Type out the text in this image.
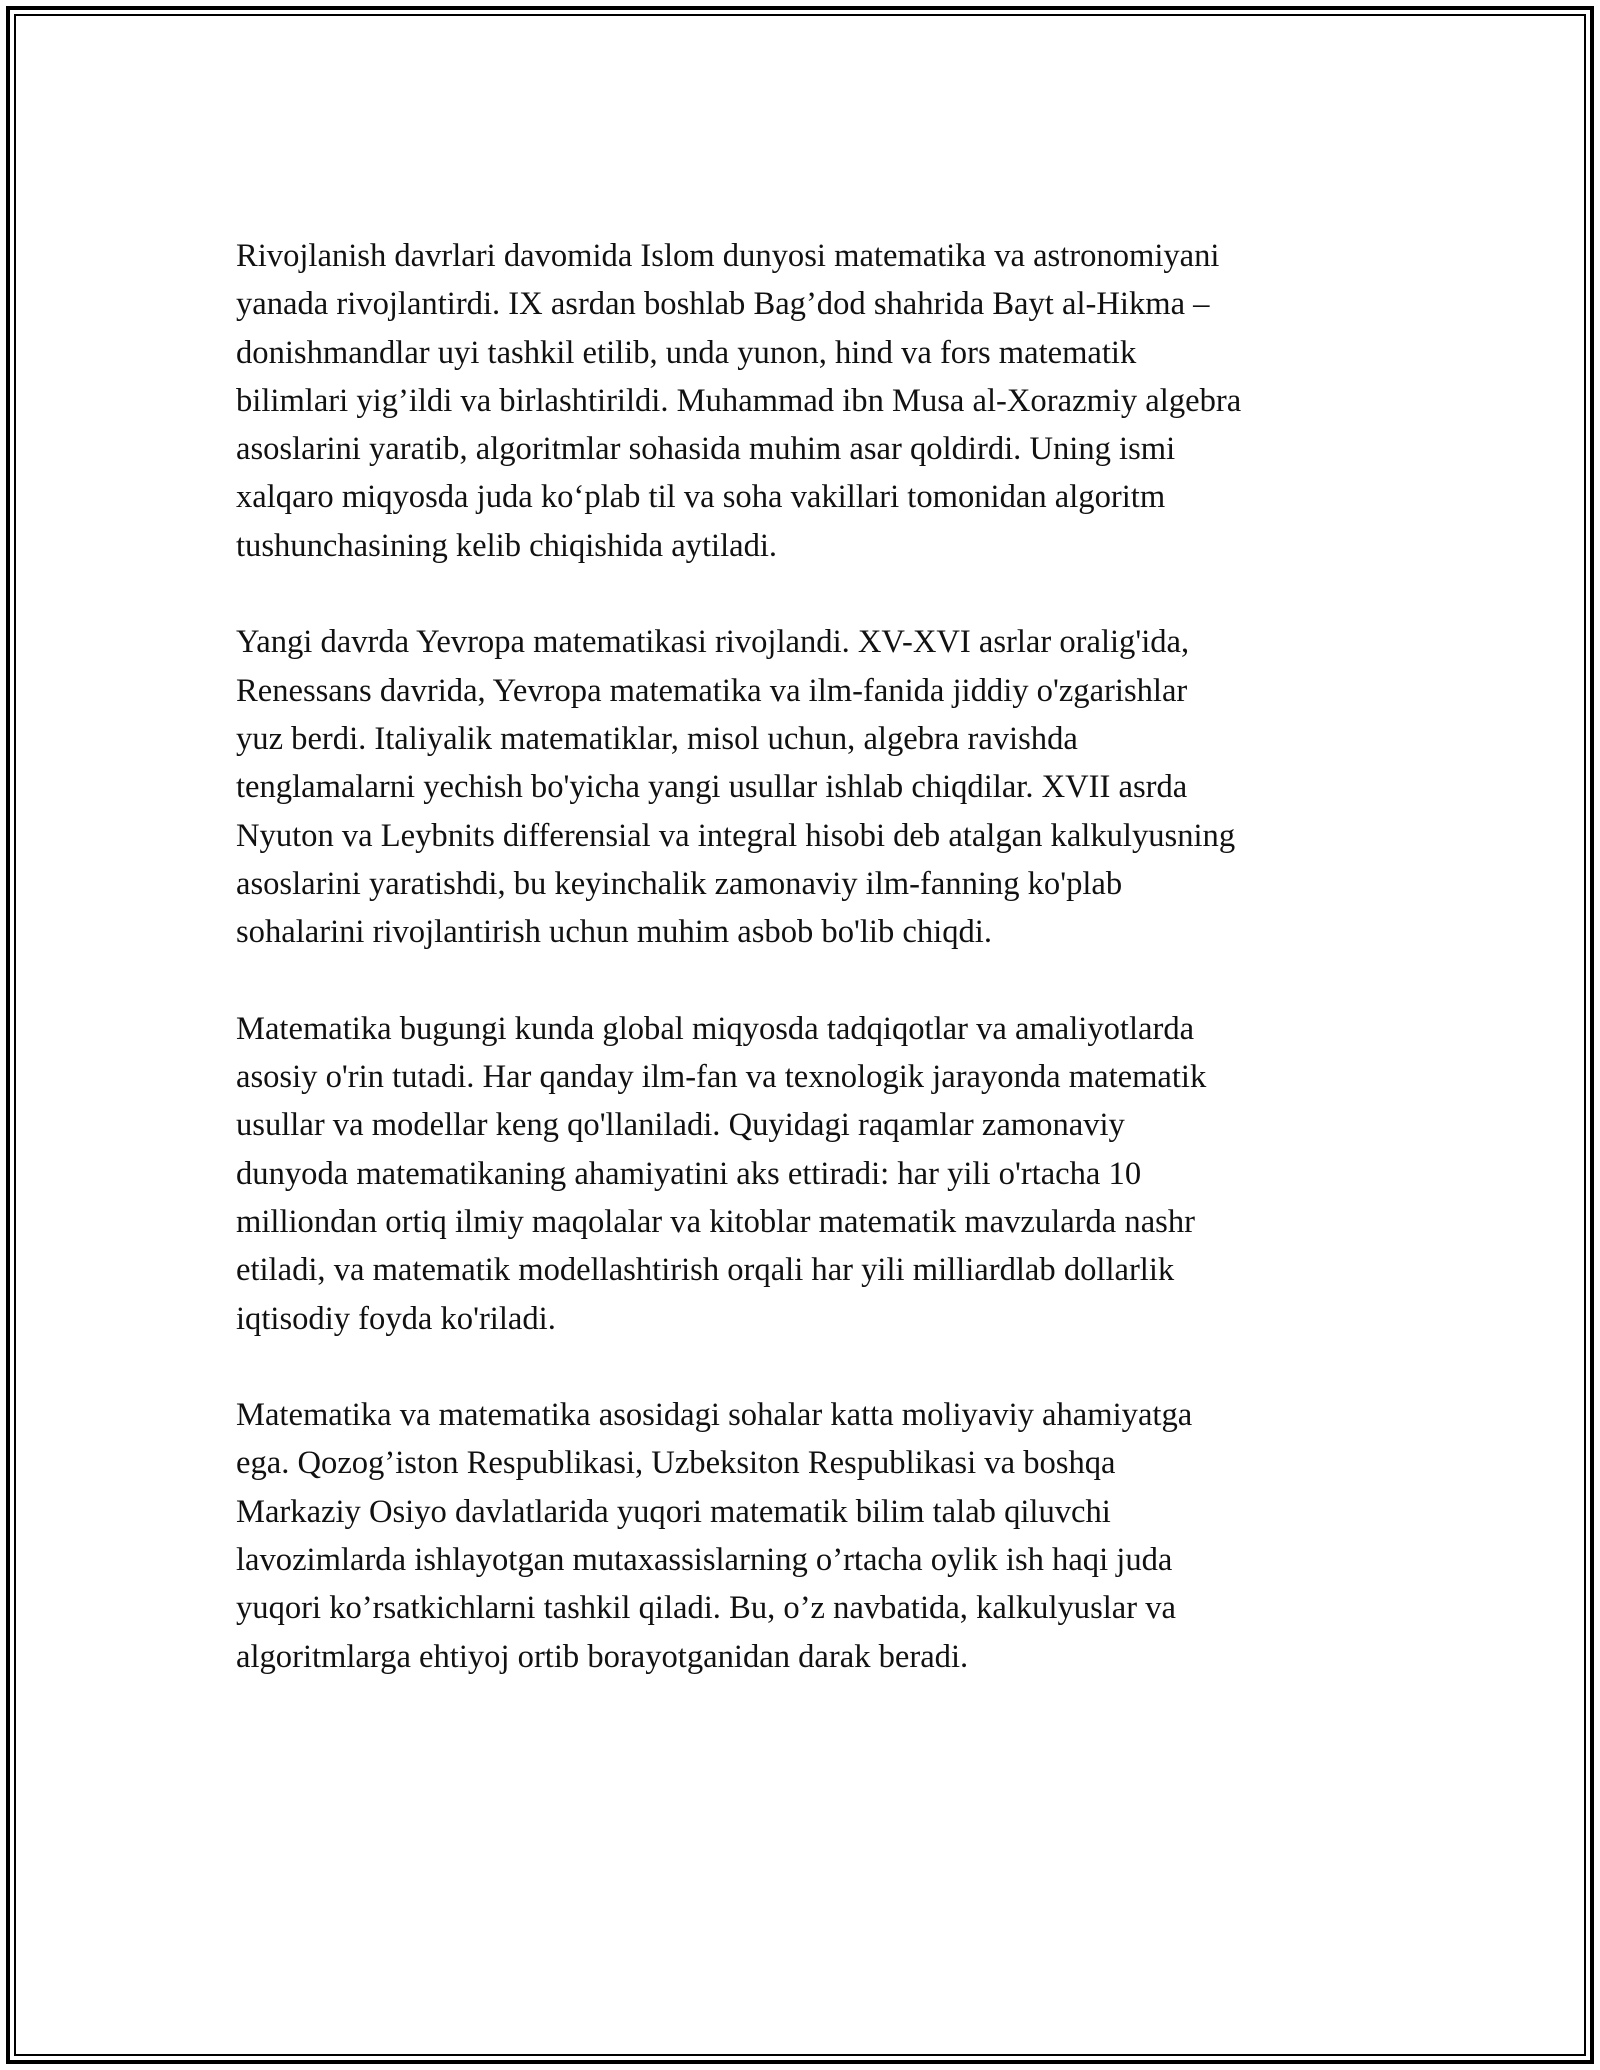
Rivojlanish davrlari davomida Islom dunyosi matematika va astronomiyani
yanada rivojlantirdi. IX asrdan boshlab Bag’dod shahrida Bayt al-Hikma –
donishmandlar uyi tashkil etilib, unda yunon, hind va fors matematik
bilimlari yig’ildi va birlashtirildi. Muhammad ibn Musa al-Xorazmiy algebra
asoslarini yaratib, algoritmlar sohasida muhim asar qoldirdi. Uning ismi
xalqaro miqyosda juda ko‘plab til va soha vakillari tomonidan algoritm
tushunchasining kelib chiqishida aytiladi.

Yangi davrda Yevropa matematikasi rivojlandi. XV-XVI asrlar oralig'ida,
Renessans davrida, Yevropa matematika va ilm-fanida jiddiy o'zgarishlar
yuz berdi. Italiyalik matematiklar, misol uchun, algebra ravishda
tenglamalarni yechish bo'yicha yangi usullar ishlab chiqdilar. XVII asrda
Nyuton va Leybnits differensial va integral hisobi deb atalgan kalkulyusning
asoslarini yaratishdi, bu keyinchalik zamonaviy ilm-fanning ko'plab
sohalarini rivojlantirish uchun muhim asbob bo'lib chiqdi.

Matematika bugungi kunda global miqyosda tadqiqotlar va amaliyotlarda
asosiy o'rin tutadi. Har qanday ilm-fan va texnologik jarayonda matematik
usullar va modellar keng qo'llaniladi. Quyidagi raqamlar zamonaviy
dunyoda matematikaning ahamiyatini aks ettiradi: har yili o'rtacha 10
milliondan ortiq ilmiy maqolalar va kitoblar matematik mavzularda nashr
etiladi, va matematik modellashtirish orqali har yili milliardlab dollarlik
iqtisodiy foyda ko'riladi.

Matematika va matematika asosidagi sohalar katta moliyaviy ahamiyatga
ega. Qozog’iston Respublikasi, Uzbeksiton Respublikasi va boshqa
Markaziy Osiyo davlatlarida yuqori matematik bilim talab qiluvchi
lavozimlarda ishlayotgan mutaxassislarning o’rtacha oylik ish haqi juda
yuqori ko’rsatkichlarni tashkil qiladi. Bu, o’z navbatida, kalkulyuslar va
algoritmlarga ehtiyoj ortib borayotganidan darak beradi.
